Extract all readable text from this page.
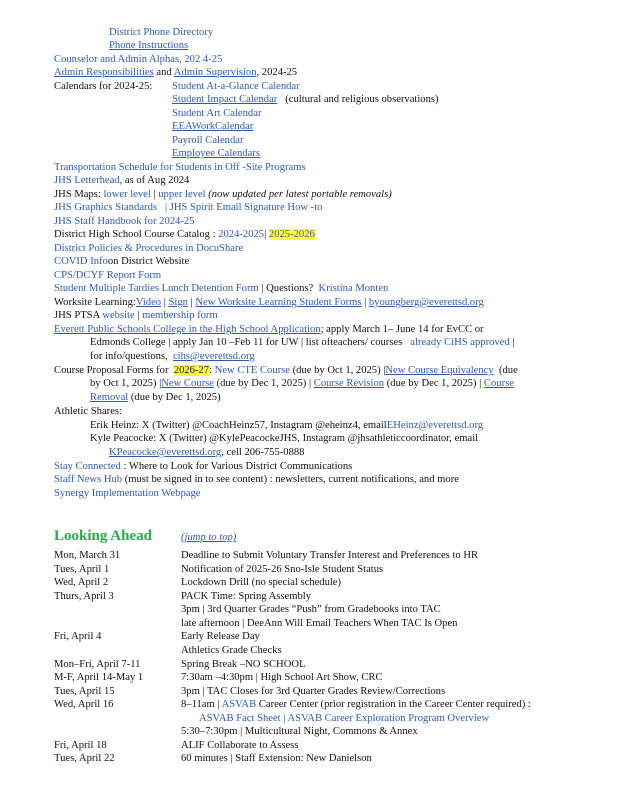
District Phone Directory
Phone Instructions
Counselor and Admin Alphas, 202 4-25
Admin Responsibilities and Admin Supervision, 2024-25
Calendars for 2024-25: Student At-a-Glance Calendar
Student Impact Calendar (cultural and religious observations)
Student Art Calendar
EEAWorkCalendar
Payroll Calendar
Employee Calendars
Transportation Schedule for Students in Off -Site Programs
JHS Letterhead, as of Aug 2024
JHS Maps: lower level | upper level (now updated per latest portable removals)
JHS Graphics Standards | JHS Spirit Email Signature How -to
JHS Staff Handbook for 2024-25
District High School Course Catalog : 2024-2025| 2025-2026
District Policies & Procedures in DocuShare
COVID Infoon District Website
CPS/DCYF Report Form
Student Multiple Tardies Lunch Detention Form | Questions? Kristina Monten
Worksite Learning:Video | Sign | New Worksite Learning Student Forms | byoungberg@everettsd.org
JHS PTSA website | membership form
Everett Public Schools College in the High School Application; apply March 1– June 14 for EvCC or
Edmonds College | apply Jan 10 –Feb 11 for UW | list ofteachers/ courses already CiHS approved |
for info/questions, cihs@everettsd.org
Course Proposal Forms for 2026-27: New CTE Course (due by Oct 1, 2025) |New Course Equivalency (due
by Oct 1, 2025) |New Course (due by Dec 1, 2025) | Course Revision (due by Dec 1, 2025) | Course
Removal (due by Dec 1, 2025)
Athletic Shares:
Erik Heinz: X (Twitter) @CoachHeinz57, Instagram @eheinz4, emailEHeinz@everettsd.org
Kyle Peacocke: X (Twitter) @KylePeacockeJHS, Instagram @jhsathleticcoordinator, email
KPeacocke@everettsd.org, cell 206-755-0888
Stay Connected : Where to Look for Various District Communications
Staff News Hub (must be signed in to see content) : newsletters, current notifications, and more
Synergy Implementation Webpage
Looking Ahead	(jump to top)
Mon, March 31	Deadline to Submit Voluntary Transfer Interest and Preferences to HR
Tues, April 1	Notification of 2025-26 Sno-Isle Student Status
Wed, April 2	Lockdown Drill (no special schedule)
Thurs, April 3	PACK Time: Spring Assembly
3pm | 3rd Quarter Grades “Push” from Gradebooks into TAC
late afternoon | DeeAnn Will Email Teachers When TAC Is Open
Fri, April 4	Early Release Day
Athletics Grade Checks
Mon–Fri, April 7-11	Spring Break –NO SCHOOL
M-F, April 14-May 1	7:30am –4:30pm | High School Art Show, CRC
Tues, April 15	3pm | TAC Closes for 3rd Quarter Grades Review/Corrections
Wed, April 16	8–11am | ASVAB Career Center (prior registration in the Career Center required) :
ASVAB Fact Sheet | ASVAB Career Exploration Program Overview
5:30–7:30pm | Multicultural Night, Commons & Annex
Fri, April 18	ALIF Collaborate to Assess
Tues, April 22	60 minutes | Staff Extension: New Danielson
